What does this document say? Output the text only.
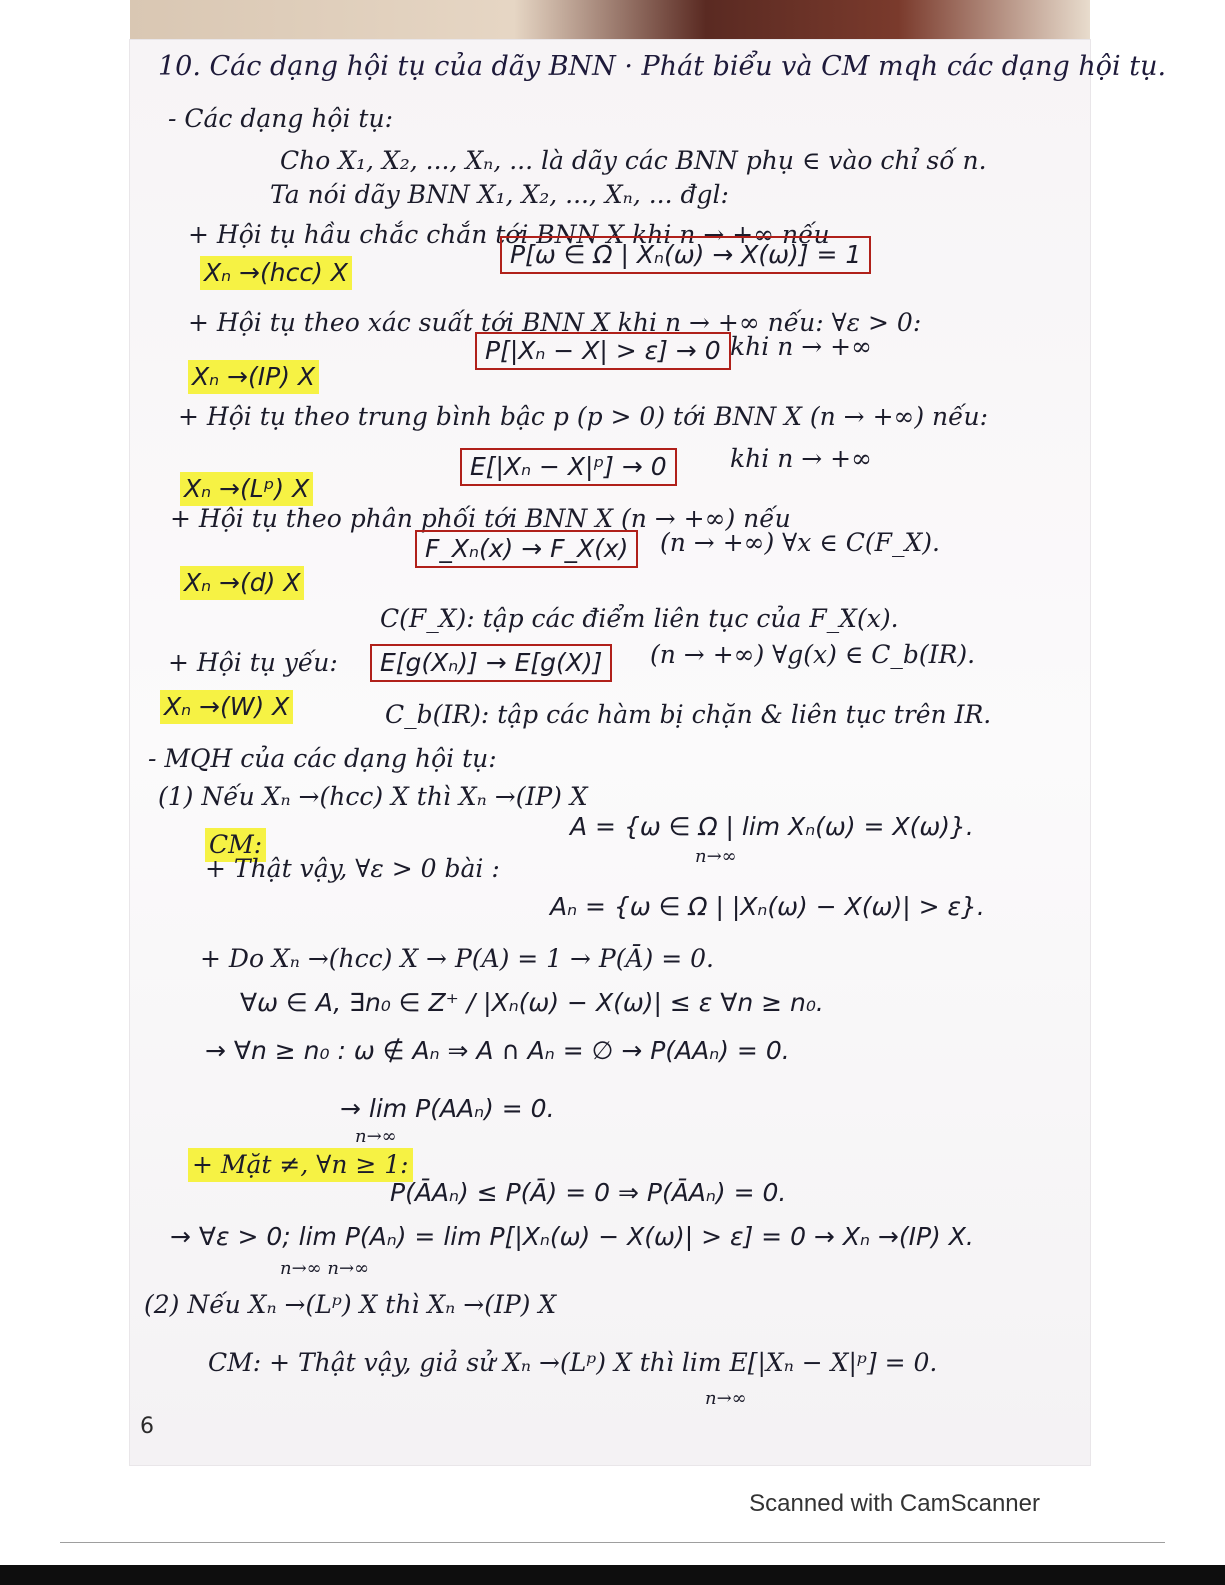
10. Các dạng hội tụ của dãy BNN · Phát biểu và CM mqh các dạng hội tụ.
- Các dạng hội tụ:
Cho X₁, X₂, ..., Xₙ, ... là dãy các BNN phụ ∈ vào chỉ số n.
Ta nói dãy BNN X₁, X₂, ..., Xₙ, ... đgl:
+ Hội tụ hầu chắc chắn tới BNN X khi n → +∞ nếu
Xₙ →(hcc) X
P[ω ∈ Ω | Xₙ(ω) → X(ω)] = 1
+ Hội tụ theo xác suất tới BNN X khi n → +∞ nếu: ∀ε > 0:
Xₙ →(IP) X
P[|Xₙ − X| > ε] → 0 khi n → +∞
+ Hội tụ theo trung bình bậc p (p > 0) tới BNN X (n → +∞) nếu:
E[|Xₙ − X|ᵖ] → 0	khi n → +∞
Xₙ →(Lᵖ) X
+ Hội tụ theo phân phối tới BNN X (n → +∞) nếu
F_Xₙ(x) → F_X(x)	(n → +∞) ∀x ∈ C(F_X).
Xₙ →(d) X
C(F_X): tập các điểm liên tục của F_X(x).
+ Hội tụ yếu:	E[g(Xₙ)] → E[g(X)]	(n → +∞) ∀g(x) ∈ C_b(IR).
Xₙ →(W) X	C_b(IR): tập các hàm bị chặn & liên tục trên IR.
- MQH của các dạng hội tụ:
(1) Nếu Xₙ →(hcc) X thì Xₙ →(IP) X
CM:
A = {ω ∈ Ω | lim Xₙ(ω) = X(ω)}.
+ Thật vậy, ∀ε > 0 bài :	n→∞
Aₙ = {ω ∈ Ω | |Xₙ(ω) − X(ω)| > ε}.
+ Do Xₙ →(hcc) X → P(A) = 1 → P(Ā) = 0.
∀ω ∈ A, ∃n₀ ∈ Z⁺ / |Xₙ(ω) − X(ω)| ≤ ε ∀n ≥ n₀.
→ ∀n ≥ n₀ : ω ∉ Aₙ ⇒ A ∩ Aₙ = ∅ → P(AAₙ) = 0.
→ lim P(AAₙ) = 0.
n→∞
+ Mặt ≠, ∀n ≥ 1:
P(ĀAₙ) ≤ P(Ā) = 0 ⇒ P(ĀAₙ) = 0.
→ ∀ε > 0; lim P(Aₙ) = lim P[|Xₙ(ω) − X(ω)| > ε] = 0 → Xₙ →(IP) X.
n→∞ n→∞
(2) Nếu Xₙ →(Lᵖ) X thì Xₙ →(IP) X
CM: + Thật vậy, giả sử Xₙ →(Lᵖ) X thì lim E[|Xₙ − X|ᵖ] = 0.
n→∞
6
Scanned with CamScanner
